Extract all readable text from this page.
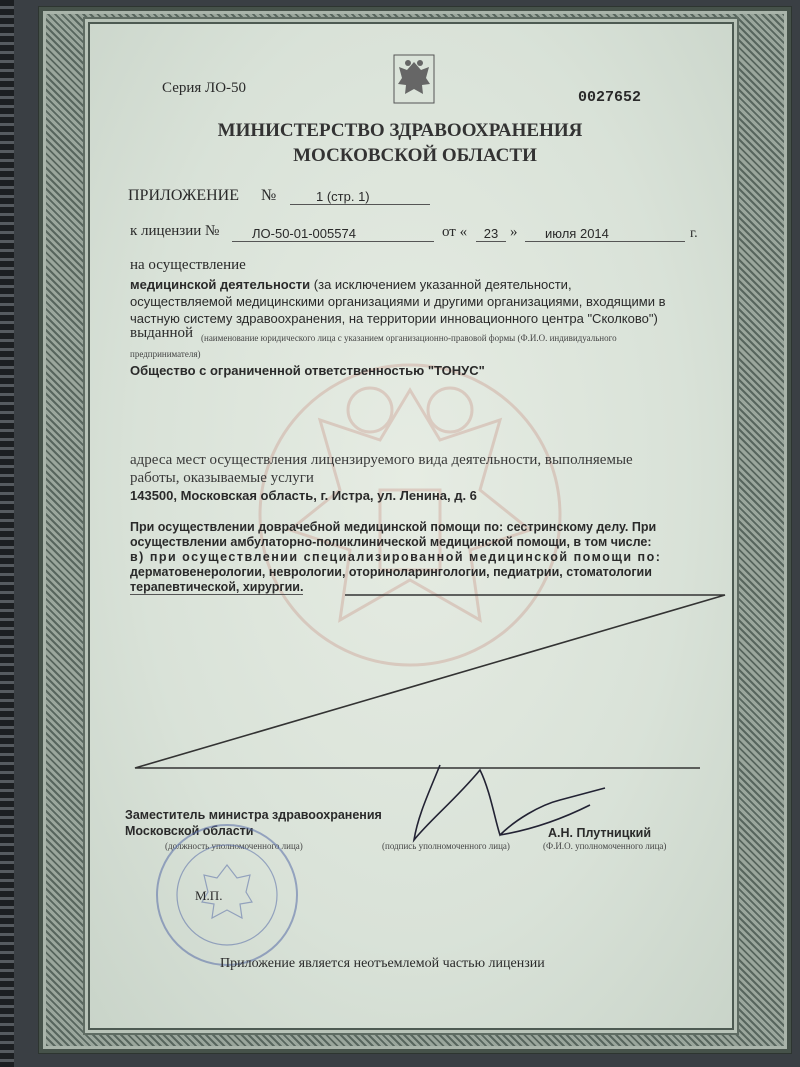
Серия ЛО-50
0027652
МИНИСТЕРСТВО ЗДРАВООХРАНЕНИЯ
МОСКОВСКОЙ ОБЛАСТИ
ПРИЛОЖЕНИЕ №	1 (стр. 1)
к лицензии №	ЛО-50-01-005574	от «	23 »	июля 2014	г.
на осуществление
медицинской деятельности (за исключением указанной деятельности,
осуществляемой медицинскими организациями и другими организациями, входящими в
частную систему здравоохранения, на территории инновационного центра "Сколково")
выданной (наименование юридического лица с указанием организационно-правовой формы (Ф.И.О. индивидуального
предпринимателя)
Общество с ограниченной ответственностью "ТОНУС"
адреса мест осуществления лицензируемого вида деятельности, выполняемые
работы, оказываемые услуги
143500, Московская область, г. Истра, ул. Ленина, д. 6
При осуществлении доврачебной медицинской помощи по: сестринскому делу. При
осуществлении амбулаторно-поликлинической медицинской помощи, в том числе:
в) при осуществлении специализированной медицинской помощи по:
дерматовенерологии, неврологии, оториноларингологии, педиатрии, стоматологии
терапевтической, хирургии.
Заместитель министра здравоохранения
Московской области
(должность уполномоченного лица)	(подпись уполномоченного лица)
А.Н. Плутницкий
(Ф.И.О. уполномоченного лица)
М.П.
Приложение является неотъемлемой частью лицензии
